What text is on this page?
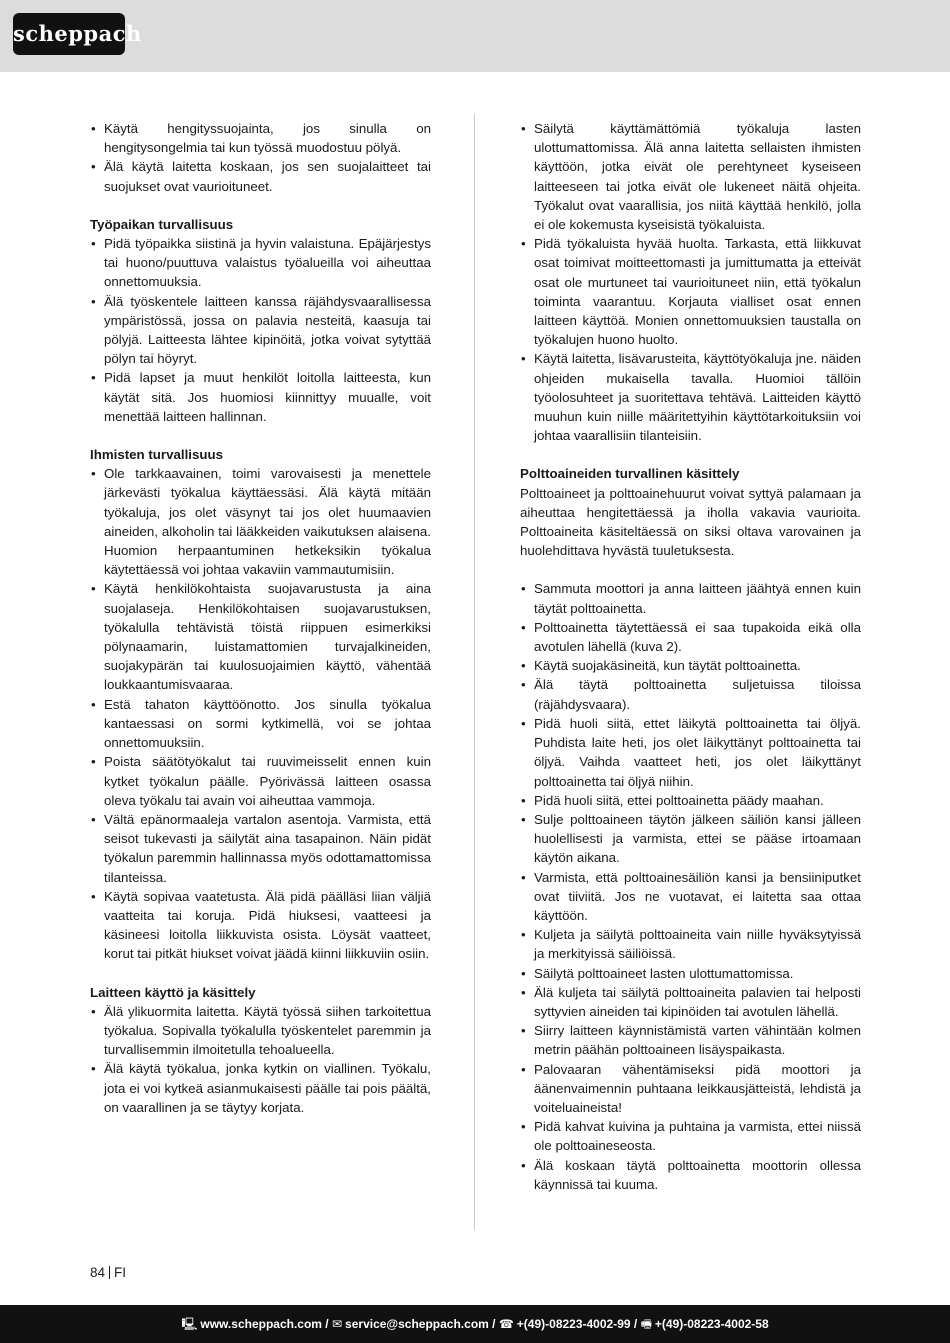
scheppach
• Käytä hengityssuojainta, jos sinulla on hengitysongelmia tai kun työssä muodostuu pölyä.
• Älä käytä laitetta koskaan, jos sen suojalaitteet tai suojukset ovat vaurioituneet.
Työpaikan turvallisuus
• Pidä työpaikka siistinä ja hyvin valaistuna. Epäjärjestys tai huono/puuttuva valaistus työalueilla voi aiheuttaa onnettomuuksia.
• Älä työskentele laitteen kanssa räjähdysvaarallisessa ympäristössä, jossa on palavia nesteitä, kaasuja tai pölyjä. Laitteesta lähtee kipinöitä, jotka voivat sytyttää pölyn tai höyryt.
• Pidä lapset ja muut henkilöt loitolla laitteesta, kun käytät sitä. Jos huomiosi kiinnittyy muualle, voit menettää laitteen hallinnan.
Ihmisten turvallisuus
• Ole tarkkaavainen, toimi varovaisesti ja menettele järkevästi työkalua käyttäessäsi. Älä käytä mitään työkaluja, jos olet väsynyt tai jos olet huumaavien aineiden, alkoholin tai lääkkeiden vaikutuksen alaisena. Huomion herpaantuminen hetkeksikin työkalua käytettäessä voi johtaa vakaviin vammautumisiin.
• Käytä henkilökohtaista suojavarustusta ja aina suojalaseja. Henkilökohtaisen suojavarustuksen, työkalulla tehtävistä töistä riippuen esimerkiksi pölynaamarin, luistamattomien turvajalkineiden, suojakypärän tai kuulosuojaimien käyttö, vähentää loukkaantumisvaaraa.
• Estä tahaton käyttöönotto. Jos sinulla työkalua kantaessasi on sormi kytkimellä, voi se johtaa onnettomuuksiin.
• Poista säätötyökalut tai ruuvimeisselit ennen kuin kytket työkalun päälle. Pyörivässä laitteen osassa oleva työkalu tai avain voi aiheuttaa vammoja.
• Vältä epänormaaleja vartalon asentoja. Varmista, että seisot tukevasti ja säilytät aina tasapainon. Näin pidät työkalun paremmin hallinnassa myös odottamattomissa tilanteissa.
• Käytä sopivaa vaatetusta. Älä pidä päälläsi liian väljiä vaatteita tai koruja. Pidä hiuksesi, vaatteesi ja käsineesi loitolla liikkuvista osista. Löysät vaatteet, korut tai pitkät hiukset voivat jäädä kiinni liikkuviin osiin.
Laitteen käyttö ja käsittely
• Älä ylikuormita laitetta. Käytä työssä siihen tarkoitettua työkalua. Sopivalla työkalulla työskentelet paremmin ja turvallisemmin ilmoitetulla tehoalueella.
• Älä käytä työkalua, jonka kytkin on viallinen. Työkalu, jota ei voi kytkeä asianmukaisesti päälle tai pois päältä, on vaarallinen ja se täytyy korjata.
• Säilytä käyttämättömiä työkaluja lasten ulottumattomissa. Älä anna laitetta sellaisten ihmisten käyttöön, jotka eivät ole perehtyneet kyseiseen laitteeseen tai jotka eivät ole lukeneet näitä ohjeita. Työkalut ovat vaarallisia, jos niitä käyttää henkilö, jolla ei ole kokemusta kyseisistä työkaluista.
• Pidä työkaluista hyvää huolta. Tarkasta, että liikkuvat osat toimivat moitteettomasti ja jumittumatta ja etteivät osat ole murtuneet tai vaurioituneet niin, että työkalun toiminta vaarantuu. Korjauta vialliset osat ennen laitteen käyttöä. Monien onnettomuuksien taustalla on työkalujen huono huolto.
• Käytä laitetta, lisävarusteita, käyttötyökaluja jne. näiden ohjeiden mukaisella tavalla. Huomioi tällöin työolosuhteet ja suoritettava tehtävä. Laitteiden käyttö muuhun kuin niille määritettyihin käyttötarkoituksiin voi johtaa vaarallisiin tilanteisiin.
Polttoaineiden turvallinen käsittely

Polttoaineet ja polttoainehuurut voivat syttyä palamaan ja aiheuttaa hengitettäessä ja iholla vakavia vaurioita. Polttoaineita käsiteltäessä on siksi oltava varovainen ja huolehdittava hyvästä tuuletuksesta.

• Sammuta moottori ja anna laitteen jäähtyä ennen kuin täytät polttoainetta.
• Polttoainetta täytettäessä ei saa tupakoida eikä olla avotulen lähellä (kuva 2).
• Käytä suojakäsineitä, kun täytät polttoainetta.
• Älä täytä polttoainetta suljetuissa tiloissa (räjähdysvaara).
• Pidä huoli siitä, ettet läikytä polttoainetta tai öljyä. Puhdista laite heti, jos olet läikyttänyt polttoainetta tai öljyä. Vaihda vaatteet heti, jos olet läikyttänyt polttoainetta tai öljyä niihin.
• Pidä huoli siitä, ettei polttoainetta päädy maahan.
• Sulje polttoaineen täytön jälkeen säiliön kansi jälleen huolellisesti ja varmista, ettei se pääse irtoamaan käytön aikana.
• Varmista, että polttoainesäiliön kansi ja bensiiniputket ovat tiiviitä. Jos ne vuotavat, ei laitetta saa ottaa käyttöön.
• Kuljeta ja säilytä polttoaineita vain niille hyväksytyissä ja merkityissä säiliöissä.
• Säilytä polttoaineet lasten ulottumattomissa.
• Älä kuljeta tai säilytä polttoaineita palavien tai helposti syttyvien aineiden tai kipinöiden tai avotulen lähellä.
• Siirry laitteen käynnistämistä varten vähintään kolmen metrin päähän polttoaineen lisäyspaikasta.
• Palovaaran vähentämiseksi pidä moottori ja äänenvaimennin puhtaana leikkausjätteistä, lehdistä ja voiteluaineista!
• Pidä kahvat kuivina ja puhtaina ja varmista, ettei niissä ole polttoaineseosta.
• Älä koskaan täytä polttoainetta moottorin ollessa käynnissä tai kuuma.
84 FI
🖳︎ www.scheppach.com / ✉︎ service@scheppach.com / ☎︎ +(49)-08223-4002-99 / 🖷︎ +(49)-08223-4002-58
